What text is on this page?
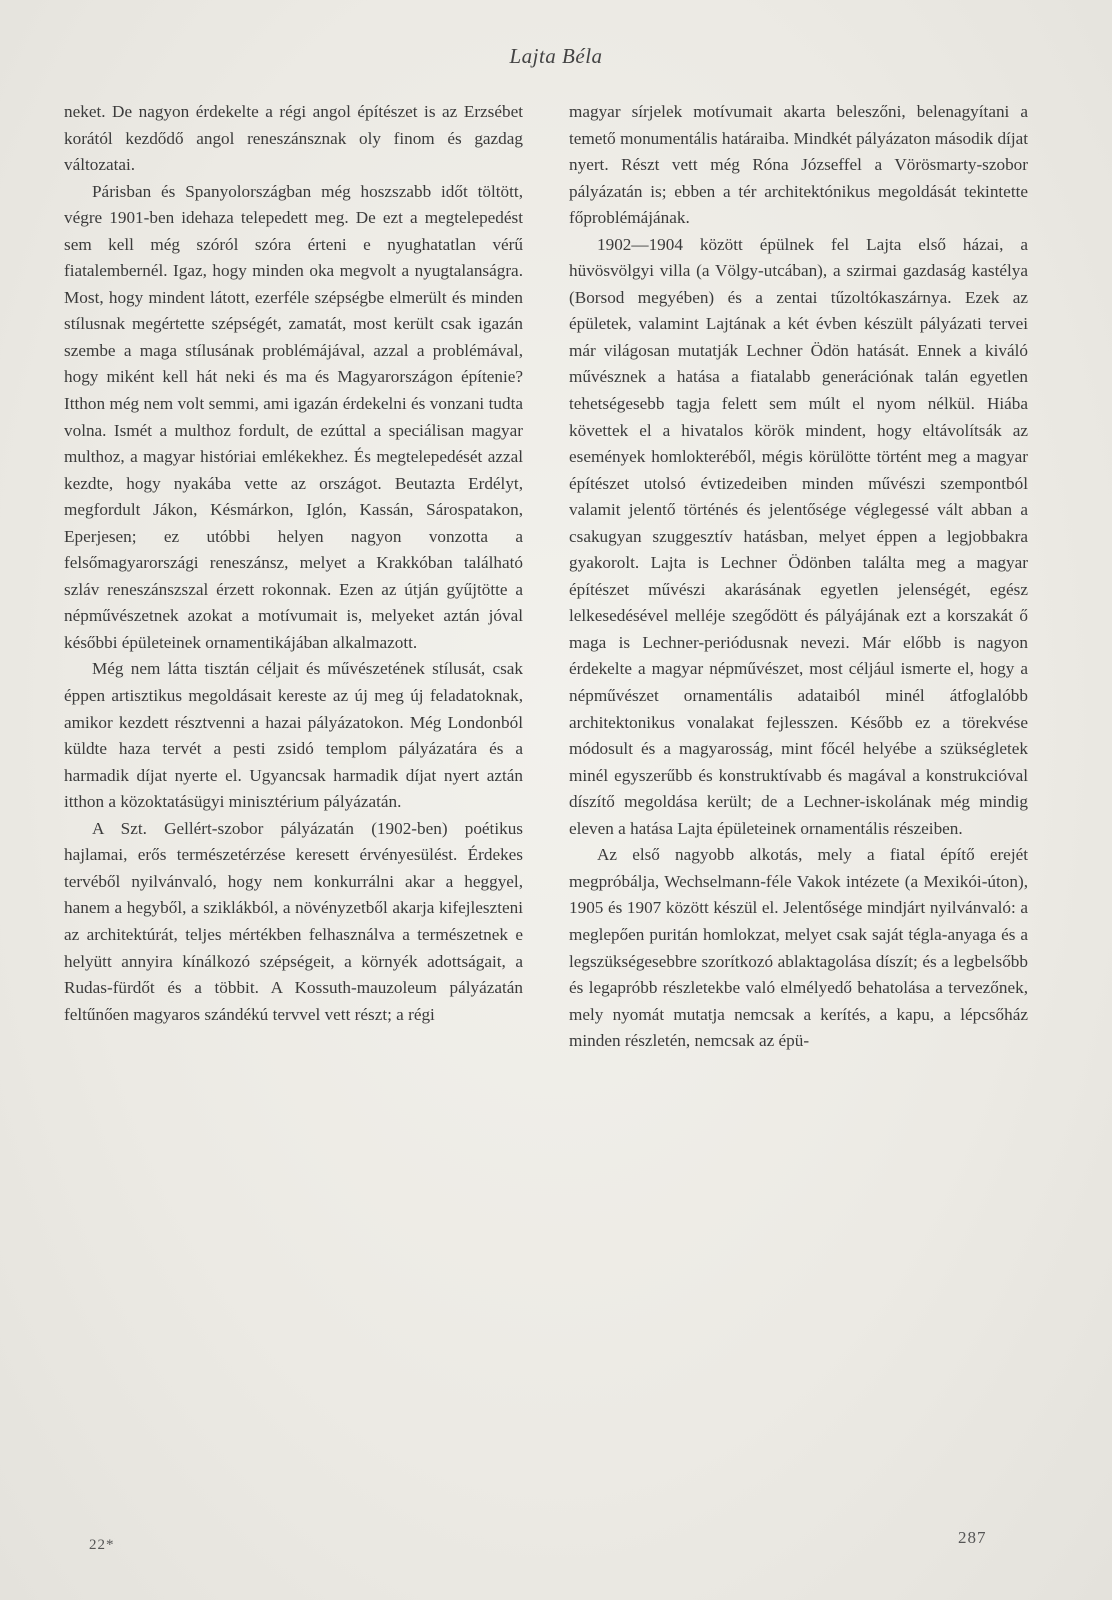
Lajta Béla

neket. De nagyon érdekelte a régi angol építészet is az Erzsébet korától kezdődő angol reneszánsznak oly finom és gazdag változatai.

Párisban és Spanyolországban még hoszszabb időt töltött, végre 1901-ben idehaza telepedett meg. De ezt a megtelepedést sem kell még szóról szóra érteni e nyughatatlan vérű fiatalembernél. Igaz, hogy minden oka megvolt a nyugtalanságra. Most, hogy mindent látott, ezerféle szépségbe elmerült és minden stílusnak megértette szépségét, zamatát, most került csak igazán szembe a maga stílusának problémájával, azzal a problémával, hogy miként kell hát neki és ma és Magyarországon építenie? Itthon még nem volt semmi, ami igazán érdekelni és vonzani tudta volna. Ismét a multhoz fordult, de ezúttal a speciálisan magyar multhoz, a magyar históriai emlékekhez. És megtelepedését azzal kezdte, hogy nyakába vette az országot. Beutazta Erdélyt, megfordult Jákon, Késmárkon, Iglón, Kassán, Sárospatakon, Eperjesen; ez utóbbi helyen nagyon vonzotta a felsőmagyarországi reneszánsz, melyet a Krakkóban található szláv reneszánszszal érzett rokonnak. Ezen az útján gyűjtötte a népművészetnek azokat a motívumait is, melyeket aztán jóval későbbi épületeinek ornamentikájában alkalmazott.

Még nem látta tisztán céljait és művészetének stílusát, csak éppen artisztikus megoldásait kereste az új meg új feladatoknak, amikor kezdett résztvenni a hazai pályázatokon. Még Londonból küldte haza tervét a pesti zsidó templom pályázatára és a harmadik díjat nyerte el. Ugyancsak harmadik díjat nyert aztán itthon a közoktatásügyi minisztérium pályázatán.

A Szt. Gellért-szobor pályázatán (1902-ben) poétikus hajlamai, erős természetérzése keresett érvényesülést. Érdekes tervéből nyilvánvaló, hogy nem konkurrálni akar a heggyel, hanem a hegyből, a sziklákból, a növényzetből akarja kifejleszteni az architektúrát, teljes mértékben felhasználva a természetnek e helyütt annyira kínálkozó szépségeit, a környék adottságait, a Rudas-fürdőt és a többit. A Kossuth-mauzoleum pályázatán feltűnően magyaros szándékú tervvel vett részt; a régi

magyar sírjelek motívumait akarta beleszőni, belenagyítani a temető monumentális határaiba. Mindkét pályázaton második díjat nyert. Részt vett még Róna Józseffel a Vörösmarty-szobor pályázatán is; ebben a tér architektónikus megoldását tekintette főproblémájának.

1902—1904 között épülnek fel Lajta első házai, a hüvösvölgyi villa (a Völgy-utcában), a szirmai gazdaság kastélya (Borsod megyében) és a zentai tűzoltókaszárnya. Ezek az épületek, valamint Lajtának a két évben készült pályázati tervei már világosan mutatják Lechner Ödön hatását. Ennek a kiváló művésznek a hatása a fiatalabb generációnak talán egyetlen tehetségesebb tagja felett sem múlt el nyom nélkül. Hiába követtek el a hivatalos körök mindent, hogy eltávolítsák az események homlokteréből, mégis körülötte történt meg a magyar építészet utolsó évtizedeiben minden művészi szempontból valamit jelentő történés és jelentősége véglegessé vált abban a csakugyan szuggesztív hatásban, melyet éppen a legjobbakra gyakorolt. Lajta is Lechner Ödönben találta meg a magyar építészet művészi akarásának egyetlen jelenségét, egész lelkesedésével melléje szegődött és pályájának ezt a korszakát ő maga is Lechner-periódusnak nevezi. Már előbb is nagyon érdekelte a magyar népművészet, most céljául ismerte el, hogy a népművészet ornamentális adataiból minél átfoglalóbb architektonikus vonalakat fejlesszen. Később ez a törekvése módosult és a magyarosság, mint főcél helyébe a szükségletek minél egyszerűbb és konstruktívabb és magával a konstrukcióval díszítő megoldása került; de a Lechner-iskolának még mindig eleven a hatása Lajta épületeinek ornamentális részeiben.

Az első nagyobb alkotás, mely a fiatal építő erejét megpróbálja, Wechselmann-féle Vakok intézete (a Mexikói-úton), 1905 és 1907 között készül el. Jelentősége mindjárt nyilvánvaló: a meglepően puritán homlokzat, melyet csak saját tégla-anyaga és a legszükségesebbre szorítkozó ablaktagolása díszít; és a legbelsőbb és legapróbb részletekbe való elmélyedő behatolása a tervezőnek, mely nyomát mutatja nemcsak a kerítés, a kapu, a lépcsőház minden részletén, nemcsak az épü-

22*	287
